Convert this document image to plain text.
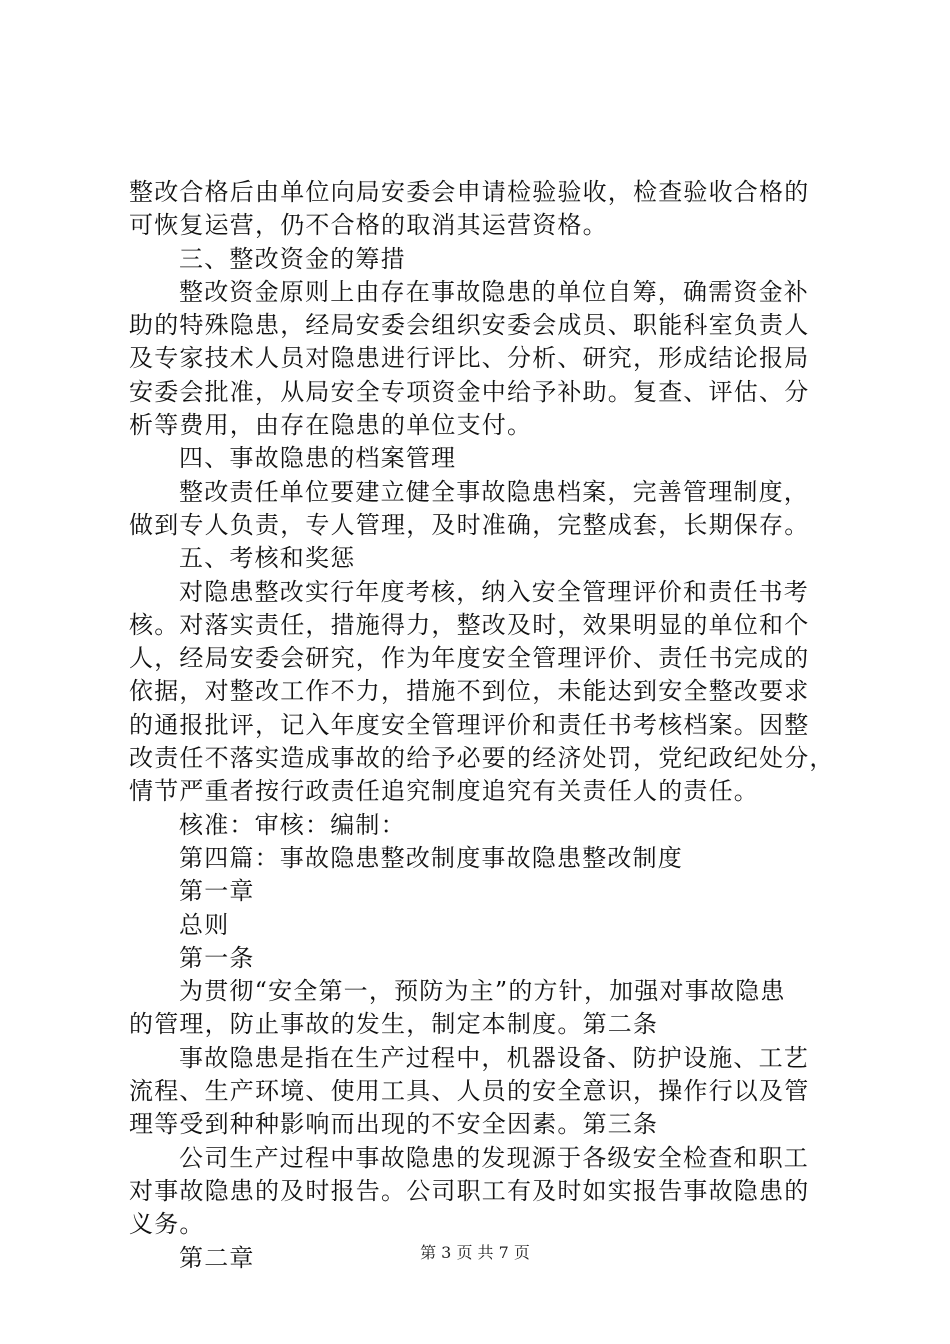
整改合格后由单位向局安委会申请检验验收，检查验收合格的
可恢复运营，仍不合格的取消其运营资格。
三、整改资金的筹措
整改资金原则上由存在事故隐患的单位自筹，确需资金补
助的特殊隐患，经局安委会组织安委会成员、职能科室负责人
及专家技术人员对隐患进行评比、分析、研究，形成结论报局
安委会批准，从局安全专项资金中给予补助。复查、评估、分
析等费用，由存在隐患的单位支付。
四、事故隐患的档案管理
整改责任单位要建立健全事故隐患档案，完善管理制度，
做到专人负责，专人管理，及时准确，完整成套，长期保存。
五、考核和奖惩
对隐患整改实行年度考核，纳入安全管理评价和责任书考
核。对落实责任，措施得力，整改及时，效果明显的单位和个
人，经局安委会研究，作为年度安全管理评价、责任书完成的
依据，对整改工作不力，措施不到位，未能达到安全整改要求
的通报批评，记入年度安全管理评价和责任书考核档案。因整
改责任不落实造成事故的给予必要的经济处罚，党纪政纪处分，
情节严重者按行政责任追究制度追究有关责任人的责任。
核准：审核：编制：
第四篇：事故隐患整改制度事故隐患整改制度
第一章
总则
第一条
为贯彻“安全第一，预防为主”的方针，加强对事故隐患
的管理，防止事故的发生，制定本制度。第二条
事故隐患是指在生产过程中，机器设备、防护设施、工艺
流程、生产环境、使用工具、人员的安全意识，操作行以及管
理等受到种种影响而出现的不安全因素。第三条
公司生产过程中事故隐患的发现源于各级安全检查和职工
对事故隐患的及时报告。公司职工有及时如实报告事故隐患的
义务。
第二章	第 3 页 共 7 页
